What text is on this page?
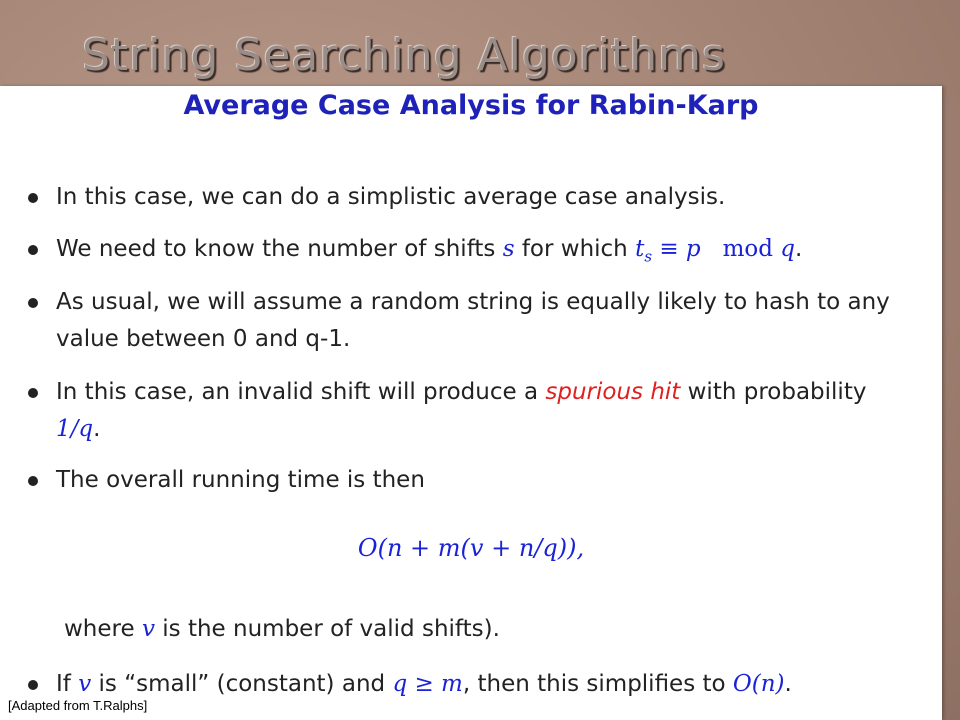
String Searching Algorithms
Average Case Analysis for Rabin-Karp
In this case, we can do a simplistic average case analysis.
We need to know the number of shifts s for which $t_s \equiv p$ mod q.
As usual, we will assume a random string is equally likely to hash to any value between 0 and q-1.
In this case, an invalid shift will produce a spurious hit with probability
1/q.
The overall running time is then
O(n + m(v + n/q)),
where v is the number of valid shifts).
If v is “small” (constant) and q ≥ m, then this simplifies to O(n).
[Adapted from T.Ralphs]
